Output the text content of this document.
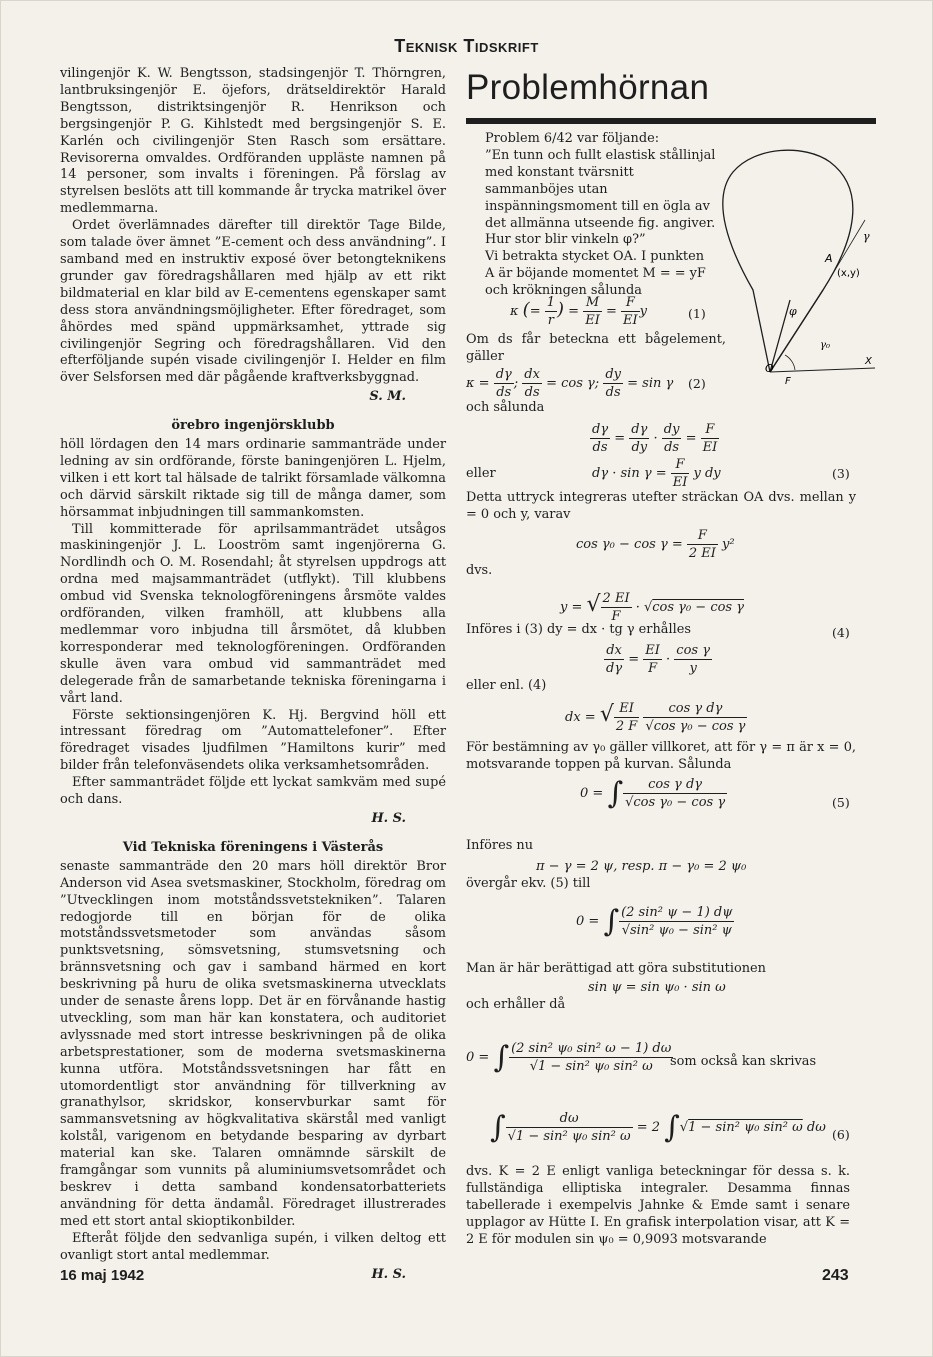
Teknisk Tidskrift

vilingenjör K. W. Bengtsson, stadsingenjör T. Thörngren, lantbruksingenjör E. öjefors, drätseldirektör Harald Bengtsson, distriktsingenjör R. Henrikson och bergsingenjör P. G. Kihlstedt med bergsingenjör S. E. Karlén och civilingenjör Sten Rasch som ersättare. Revisorerna omvaldes. Ordföranden uppläste namnen på 14 personer, som invalts i föreningen. På förslag av styrelsen beslöts att till kommande år trycka matrikel över medlemmarna.

Ordet överlämnades därefter till direktör Tage Bilde, som talade över ämnet ”E-cement och dess användning”. I samband med en instruktiv exposé över betongteknikens grunder gav föredragshållaren med hjälp av ett rikt bildmaterial en klar bild av E-cementens egenskaper samt dess stora användningsmöjligheter. Efter föredraget, som åhördes med spänd uppmärksamhet, yttrade sig civilingenjör Segring och föredragshållaren. Vid den efterföljande supén visade civilingenjör I. Helder en film över Selsforsen med där pågående kraftverksbyggnad.

S. M.
örebro ingenjörsklubb

höll lördagen den 14 mars ordinarie sammanträde under ledning av sin ordförande, förste baningenjören L. Hjelm, vilken i ett kort tal hälsade de talrikt församlade välkomna och därvid särskilt riktade sig till de många damer, som hörsammat inbjudningen till sammankomsten.

Till kommitterade för aprilsammanträdet utsågos maskiningenjör J. L. Looström samt ingenjörerna G. Nordlindh och O. M. Rosendahl; åt styrelsen uppdrogs att ordna med majsammanträdet (utflykt). Till klubbens ombud vid Svenska teknologföreningens årsmöte valdes ordföranden, vilken framhöll, att klubbens alla medlemmar voro inbjudna till årsmötet, då klubben korresponderar med teknologföreningen. Ordföranden skulle även vara ombud vid sammanträdet med delegerade från de samarbetande tekniska föreningarna i vårt land.

Förste sektionsingenjören K. Hj. Bergvind höll ett intressant föredrag om ”Automattelefoner”. Efter föredraget visades ljudfilmen ”Hamiltons kurir” med bilder från telefonväsendets olika verksamhetsområden.

Efter sammanträdet följde ett lyckat samkväm med supé och dans.

H. S.
Vid Tekniska föreningens i Västerås

senaste sammanträde den 20 mars höll direktör Bror Anderson vid Asea svetsmaskiner, Stockholm, föredrag om ”Utvecklingen inom motståndssvetstekniken”. Talaren redogjorde till en början för de olika motståndssvetsmetoder som användas såsom punktsvetsning, sömsvetsning, stumsvetsning och brännsvetsning och gav i samband härmed en kort beskrivning på huru de olika svetsmaskinerna utvecklats under de senaste årens lopp. Det är en förvånande hastig utveckling, som man här kan konstatera, och auditoriet avlyssnade med stort intresse beskrivningen på de olika arbetsprestationer, som de moderna svetsmaskinerna kunna utföra. Motståndssvetsningen har fått en utomordentligt stor användning för tillverkning av granathylsor, skridskor, konservburkar samt för sammansvetsning av högkvalitativa skärstål med vanligt kolstål, varigenom en betydande besparing av dyrbart material kan ske. Talaren omnämnde särskilt de framgångar som vunnits på aluminiumsvetsområdet och beskrev i detta samband kondensatorbatteriets användning för detta ändamål. Föredraget illustrerades med ett stort antal skioptikonbilder.

Efteråt följde den sedvanliga supén, i vilken deltog ett ovanligt stort antal medlemmar.

H. S.
Problemhörnan

Problem 6/42 var följande:

”En tunn och fullt elastisk stållinjal med konstant tvärsnitt sammanböjes utan inspänningsmoment till en ögla av det allmänna utseende fig. angiver. Hur stor blir vinkeln φ?”

Vi betrakta stycket OA. I punkten A är böjande momentet M = = yF och krökningen sålunda

A
(x,y)
φ
γ
γ₀
O
F
X
κ (= $\frac{1}{r}$ ) = $\frac{M}{EI} = \frac{F}{EI}$ y	(1)
Om ds får beteckna ett bågelement, gäller
$\kappa = \frac{d\gamma}{ds}$ ; $\frac{dx}{ds} = \cos \gamma$; $\frac{dy}{ds} = \sin \gamma$ (2)
och sålunda
$\frac{d\gamma}{ds} = \frac{d\gamma}{dy} \cdot \frac{dy}{ds} = \frac{F}{EI}$
eller	$d\gamma \cdot \sin \gamma = \frac{F}{EI}$ y dy	(3)
Detta uttryck integreras utefter sträckan OA dvs. mellan y = 0 och y, varav
$\cos \gamma_0 - \cos \gamma = \frac{F}{2 EI} y^2$
dvs.
y = √ $\frac{2 EI}{F} \cdot √\cos$ γ₀ − cos γ
(4)
Införes i (3) dy = dx · tg γ erhålles
$\frac{dx}{d\gamma} = \frac{EI}{F} \cdot \frac{\text{cos γ}}{y}$
eller enl. (4)
dx = √ $\frac{EI}{2 F}$
$\frac{\text{cos γ dγ}}{\text{√cos γ₀ − cos γ}}$
För bestämning av γ₀ gäller villkoret, att för γ = π är x = 0, motsvarande toppen på kurvan. Sålunda
0 = ∫ $\frac{\text{cos γ dγ}}{\text{√cos γ₀ − cos γ}}$	(5)
Införes nu
π − γ = 2 ψ, resp. π − γ₀ = 2 ψ₀
övergår ekv. (5) till
0 = ∫ $\frac{\text{(2 sin² ψ − 1) dψ}}{\text{√sin² ψ₀ − sin² ψ}}$
Man är här berättigad att göra substitutionen
sin ψ = sin ψ₀ · sin ω
och erhåller då
0 = ∫ $\frac{\text{(2 sin² ψ₀ sin² ω − 1) dω}}{\text{√1 − sin² ψ₀ sin² ω}}$
som också kan skrivas
∫ $\frac{d\omega}{\text{√1 − sin² ψ₀ sin² ω}} = 2$ ∫√1 − sin² ψ₀ sin² ω dω (6)
dvs. K = 2 E enligt vanliga beteckningar för dessa s. k. fullständiga elliptiska integraler. Desamma finnas tabellerade i exempelvis Jahnke & Emde samt i senare upplagor av Hütte I. En grafisk interpolation visar, att K = 2 E för modulen sin ψ₀ = 0,9093 motsvarande
16 maj 1942	243
